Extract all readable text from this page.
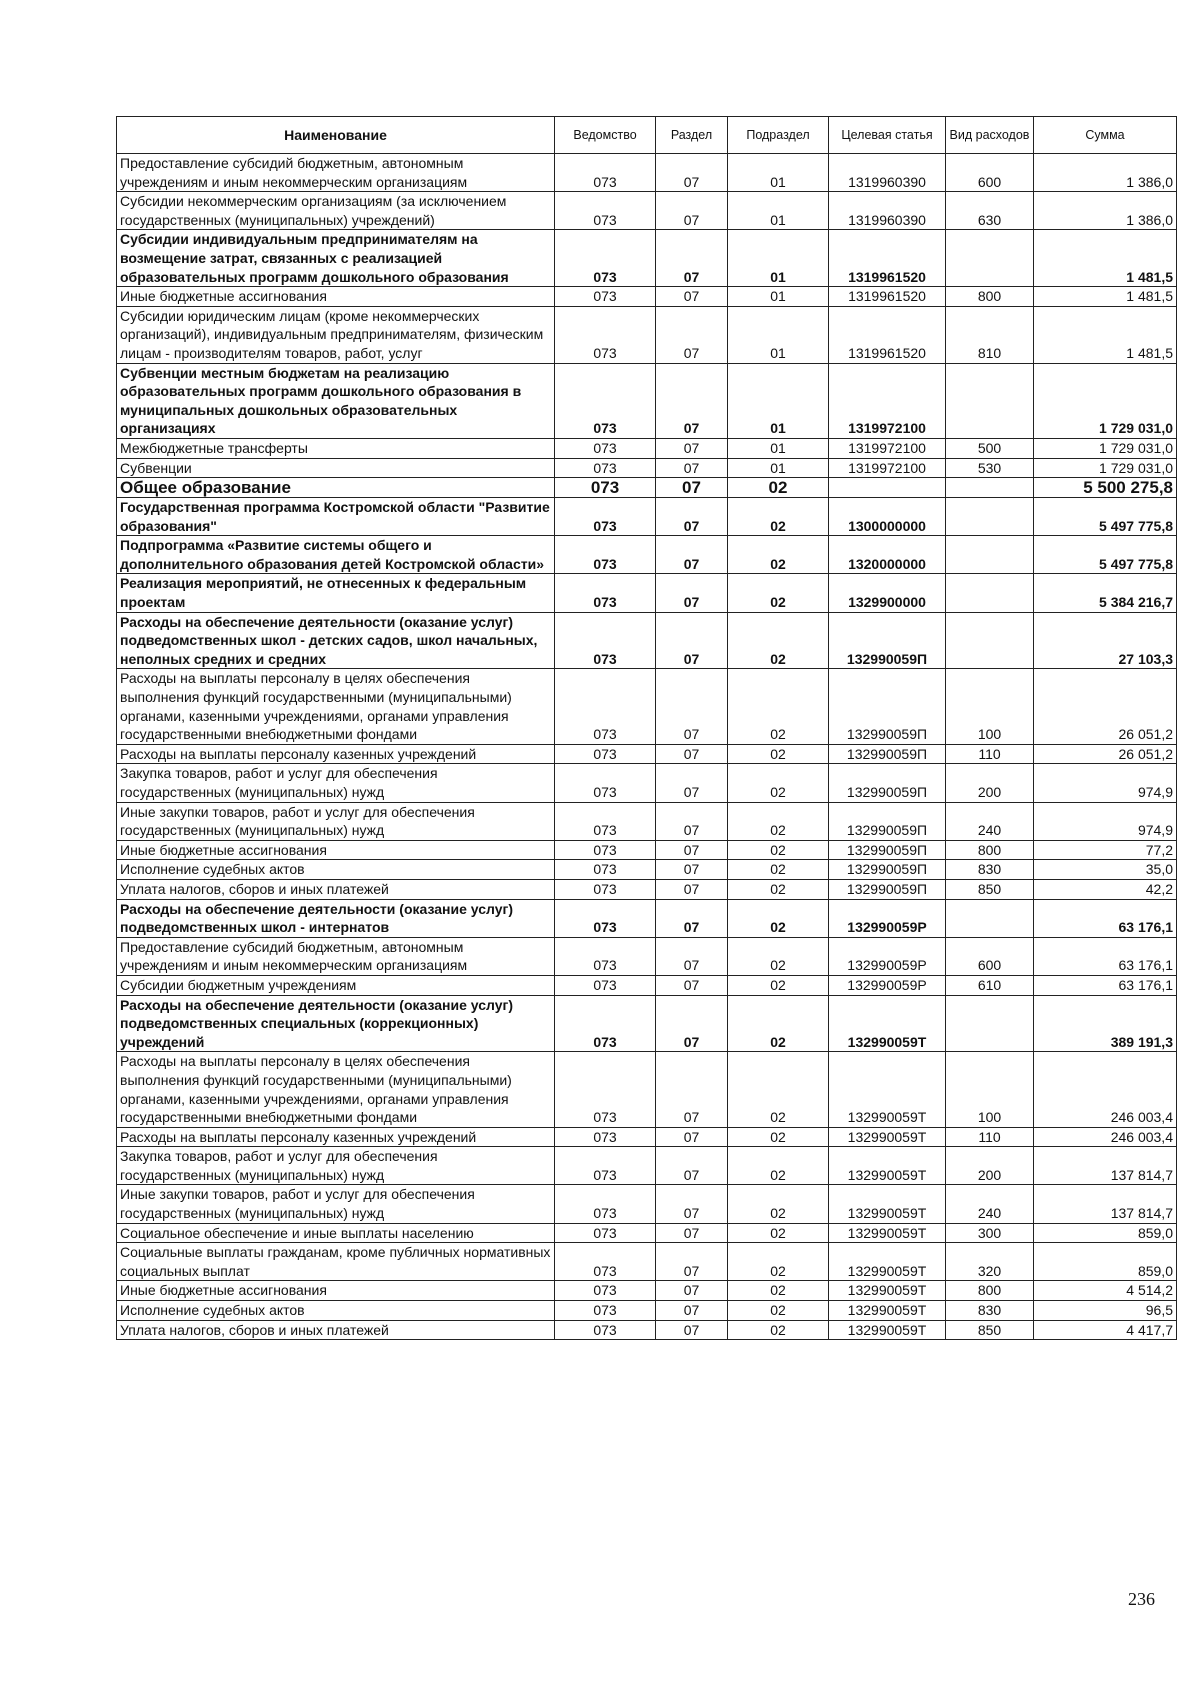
Наименование	Ведомство	Раздел	Подраздел	Целевая статья	Вид расходов	Сумма
Предоставление субсидий бюджетным, автономным учреждениям и иным некоммерческим организациям	073	07	01	1319960390	600	1 386,0
Субсидии некоммерческим организациям (за исключением государственных (муниципальных) учреждений)	073	07	01	1319960390	630	1 386,0
Субсидии индивидуальным предпринимателям на возмещение затрат, связанных с реализацией образовательных программ дошкольного образования	073	07	01	1319961520		1 481,5
Иные бюджетные ассигнования	073	07	01	1319961520	800	1 481,5
Субсидии юридическим лицам (кроме некоммерческих организаций), индивидуальным предпринимателям, физическим лицам - производителям товаров, работ, услуг	073	07	01	1319961520	810	1 481,5
Субвенции местным бюджетам на реализацию образовательных программ дошкольного образования в муниципальных дошкольных образовательных организациях	073	07	01	1319972100		1 729 031,0
Межбюджетные трансферты	073	07	01	1319972100	500	1 729 031,0
Субвенции	073	07	01	1319972100	530	1 729 031,0
Общее образование	073	07	02			5 500 275,8
Государственная программа Костромской области "Развитие образования"	073	07	02	1300000000		5 497 775,8
Подпрограмма «Развитие системы общего и дополнительного образования детей Костромской области»	073	07	02	1320000000		5 497 775,8
Реализация мероприятий, не отнесенных к федеральным проектам	073	07	02	1329900000		5 384 216,7
Расходы на обеспечение деятельности (оказание услуг) подведомственных школ - детских садов, школ начальных, неполных средних и средних	073	07	02	132990059П		27 103,3
Расходы на выплаты персоналу в целях обеспечения выполнения функций государственными (муниципальными) органами, казенными учреждениями, органами управления государственными внебюджетными фондами	073	07	02	132990059П	100	26 051,2
Расходы на выплаты персоналу казенных учреждений	073	07	02	132990059П	110	26 051,2
Закупка товаров, работ и услуг для обеспечения государственных (муниципальных) нужд	073	07	02	132990059П	200	974,9
Иные закупки товаров, работ и услуг для обеспечения государственных (муниципальных) нужд	073	07	02	132990059П	240	974,9
Иные бюджетные ассигнования	073	07	02	132990059П	800	77,2
Исполнение судебных актов	073	07	02	132990059П	830	35,0
Уплата налогов, сборов и иных платежей	073	07	02	132990059П	850	42,2
Расходы на обеспечение деятельности (оказание услуг) подведомственных школ - интернатов	073	07	02	132990059Р		63 176,1
Предоставление субсидий бюджетным, автономным учреждениям и иным некоммерческим организациям	073	07	02	132990059Р	600	63 176,1
Субсидии бюджетным учреждениям	073	07	02	132990059Р	610	63 176,1
Расходы на обеспечение деятельности (оказание услуг) подведомственных специальных (коррекционных) учреждений	073	07	02	132990059Т		389 191,3
Расходы на выплаты персоналу в целях обеспечения выполнения функций государственными (муниципальными) органами, казенными учреждениями, органами управления государственными внебюджетными фондами	073	07	02	132990059Т	100	246 003,4
Расходы на выплаты персоналу казенных учреждений	073	07	02	132990059Т	110	246 003,4
Закупка товаров, работ и услуг для обеспечения государственных (муниципальных) нужд	073	07	02	132990059Т	200	137 814,7
Иные закупки товаров, работ и услуг для обеспечения государственных (муниципальных) нужд	073	07	02	132990059Т	240	137 814,7
Социальное обеспечение и иные выплаты населению	073	07	02	132990059Т	300	859,0
Социальные выплаты гражданам, кроме публичных нормативных социальных выплат	073	07	02	132990059Т	320	859,0
Иные бюджетные ассигнования	073	07	02	132990059Т	800	4 514,2
Исполнение судебных актов	073	07	02	132990059Т	830	96,5
Уплата налогов, сборов и иных платежей	073	07	02	132990059Т	850	4 417,7
236
